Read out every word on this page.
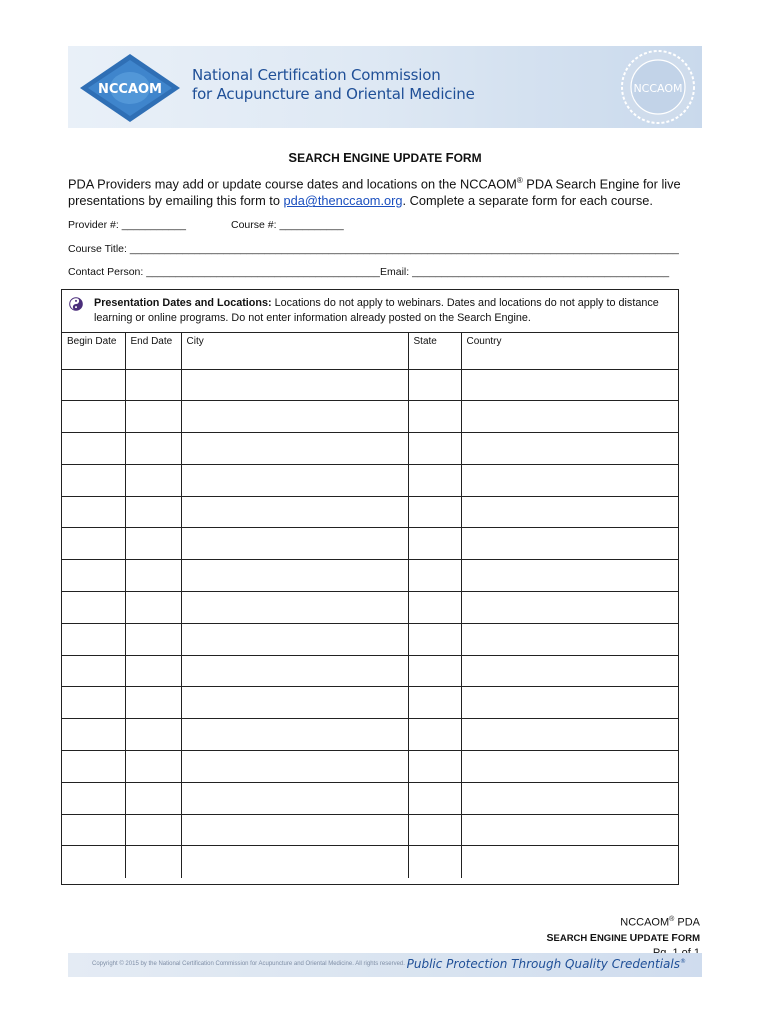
NCCAOM
National Certification Commission
for Acupuncture and Oriental Medicine	NCCAOM
SEARCH ENGINE UPDATE FORM
PDA Providers may add or update course dates and locations on the NCCAOM® PDA Search Engine for live presentations by emailing this form to pda@thenccaom.org. Complete a separate form for each course.
Provider #: ___________	Course #: ___________
Course Title: ______________________________________________________________________________________________
Contact Person: ________________________________________ Email: ____________________________________________
Presentation Dates and Locations: Locations do not apply to webinars. Dates and locations do not apply to distance learning or online programs. Do not enter information already posted on the Search Engine.
Begin Date	End Date	City	State	Country

NCCAOM® PDA
SEARCH ENGINE UPDATE FORM
Copyright © 2015 by the National Certification Commission for Acupuncture and Oriental Medicine. All rights reserved. Public Protection Through Quality Credentials®
